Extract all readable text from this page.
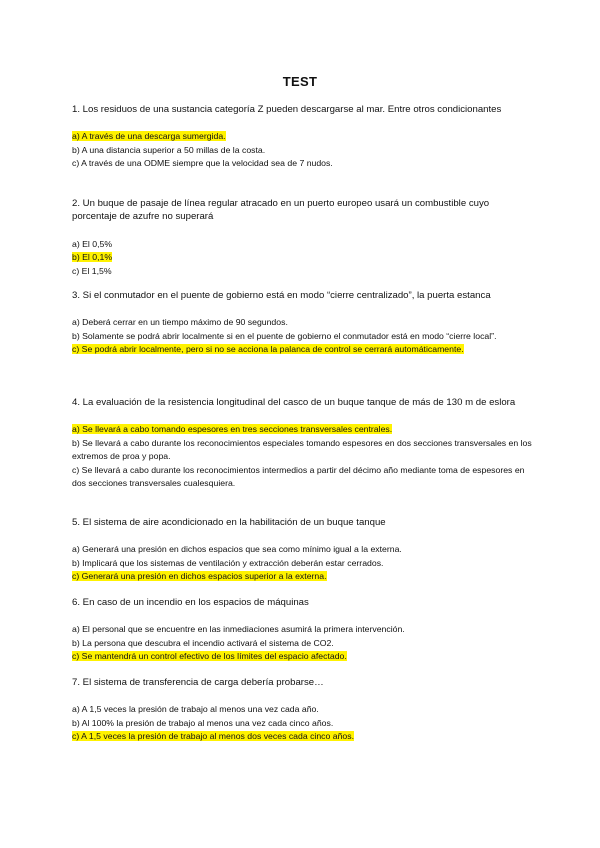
TEST

1. Los residuos de una sustancia categoría Z pueden descargarse al mar. Entre otros condicionantes

a) A través de una descarga sumergida.

b) A una distancia superior a 50 millas de la costa.

c) A través de una ODME siempre que la velocidad sea de 7 nudos.

2. Un buque de pasaje de línea regular atracado en un puerto europeo usará un combustible cuyo porcentaje de azufre no superará

a) El 0,5%

b) El 0,1%

c) El 1,5%

3. Si el conmutador en el puente de gobierno está en modo “cierre centralizado”, la puerta estanca

a) Deberá cerrar en un tiempo máximo de 90 segundos.

b) Solamente se podrá abrir localmente si en el puente de gobierno el conmutador está en modo “cierre local”.

c) Se podrá abrir localmente, pero si no se acciona la palanca de control se cerrará automáticamente.

4. La evaluación de la resistencia longitudinal del casco de un buque tanque de más de 130 m de eslora

a) Se llevará a cabo tomando espesores en tres secciones transversales centrales.

b) Se llevará a cabo durante los reconocimientos especiales tomando espesores en dos secciones transversales en los extremos de proa y popa.

c) Se llevará a cabo durante los reconocimientos intermedios a partir del décimo año mediante toma de espesores en dos secciones transversales cualesquiera.

5. El sistema de aire acondicionado en la habilitación de un buque tanque

a) Generará una presión en dichos espacios que sea como mínimo igual a la externa.

b) Implicará que los sistemas de ventilación y extracción deberán estar cerrados.

c) Generará una presión en dichos espacios superior a la externa.

6. En caso de un incendio en los espacios de máquinas

a) El personal que se encuentre en las inmediaciones asumirá la primera intervención.

b) La persona que descubra el incendio activará el sistema de CO2.

c) Se mantendrá un control efectivo de los límites del espacio afectado.

7. El sistema de transferencia de carga debería probarse…

a) A 1,5 veces la presión de trabajo al menos una vez cada año.

b) Al 100% la presión de trabajo al menos una vez cada cinco años.

c) A 1,5 veces la presión de trabajo al menos dos veces cada cinco años.
